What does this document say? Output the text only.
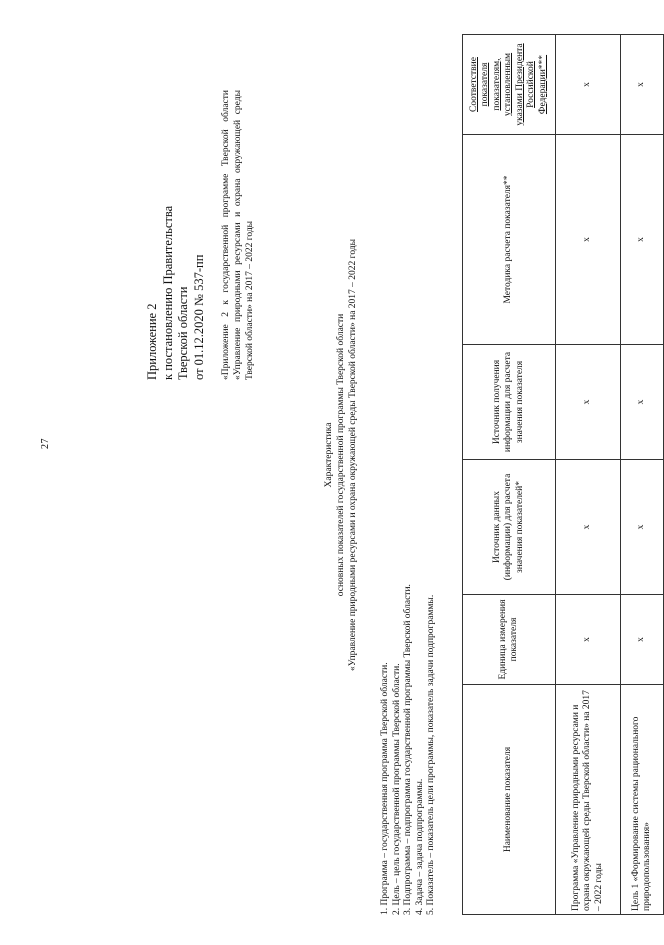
27
Приложение 2 к постановлению Правительства Тверской области от 01.12.2020 № 537-пп «Приложение 2 к государственной программе Тверской области «Управление природными ресурсами и охрана окружающей среды Тверской области» на 2017 – 2022 годы
Характеристика основных показателей государственной программы Тверской области «Управление природными ресурсами и охрана окружающей среды Тверской области» на 2017 – 2022 годы
1. Программа – государственная программа Тверской области. 2. Цель – цель государственной программы Тверской области. 3. Подпрограмма – подпрограмма государственной программы Тверской области. 4. Задача – задача подпрограммы. 5. Показатель – показатель цели программы, показатель задачи подпрограммы.	Наименование показателя	Единица измерения показателя	Источник данных (информации) для расчета значения показателей*	Источник получения информации для расчета значения показателя	Методика расчета показателя**	Соответствие показателя показателям, установленным указами Президента Российской Федерации***
Программа «Управление природными ресурсами и охрана окружающей среды Тверской области» на 2017 – 2022 годы	х	х	х	х	х
Цель 1 «Формирование системы рационального природопользования»	х	х	х	х	х
